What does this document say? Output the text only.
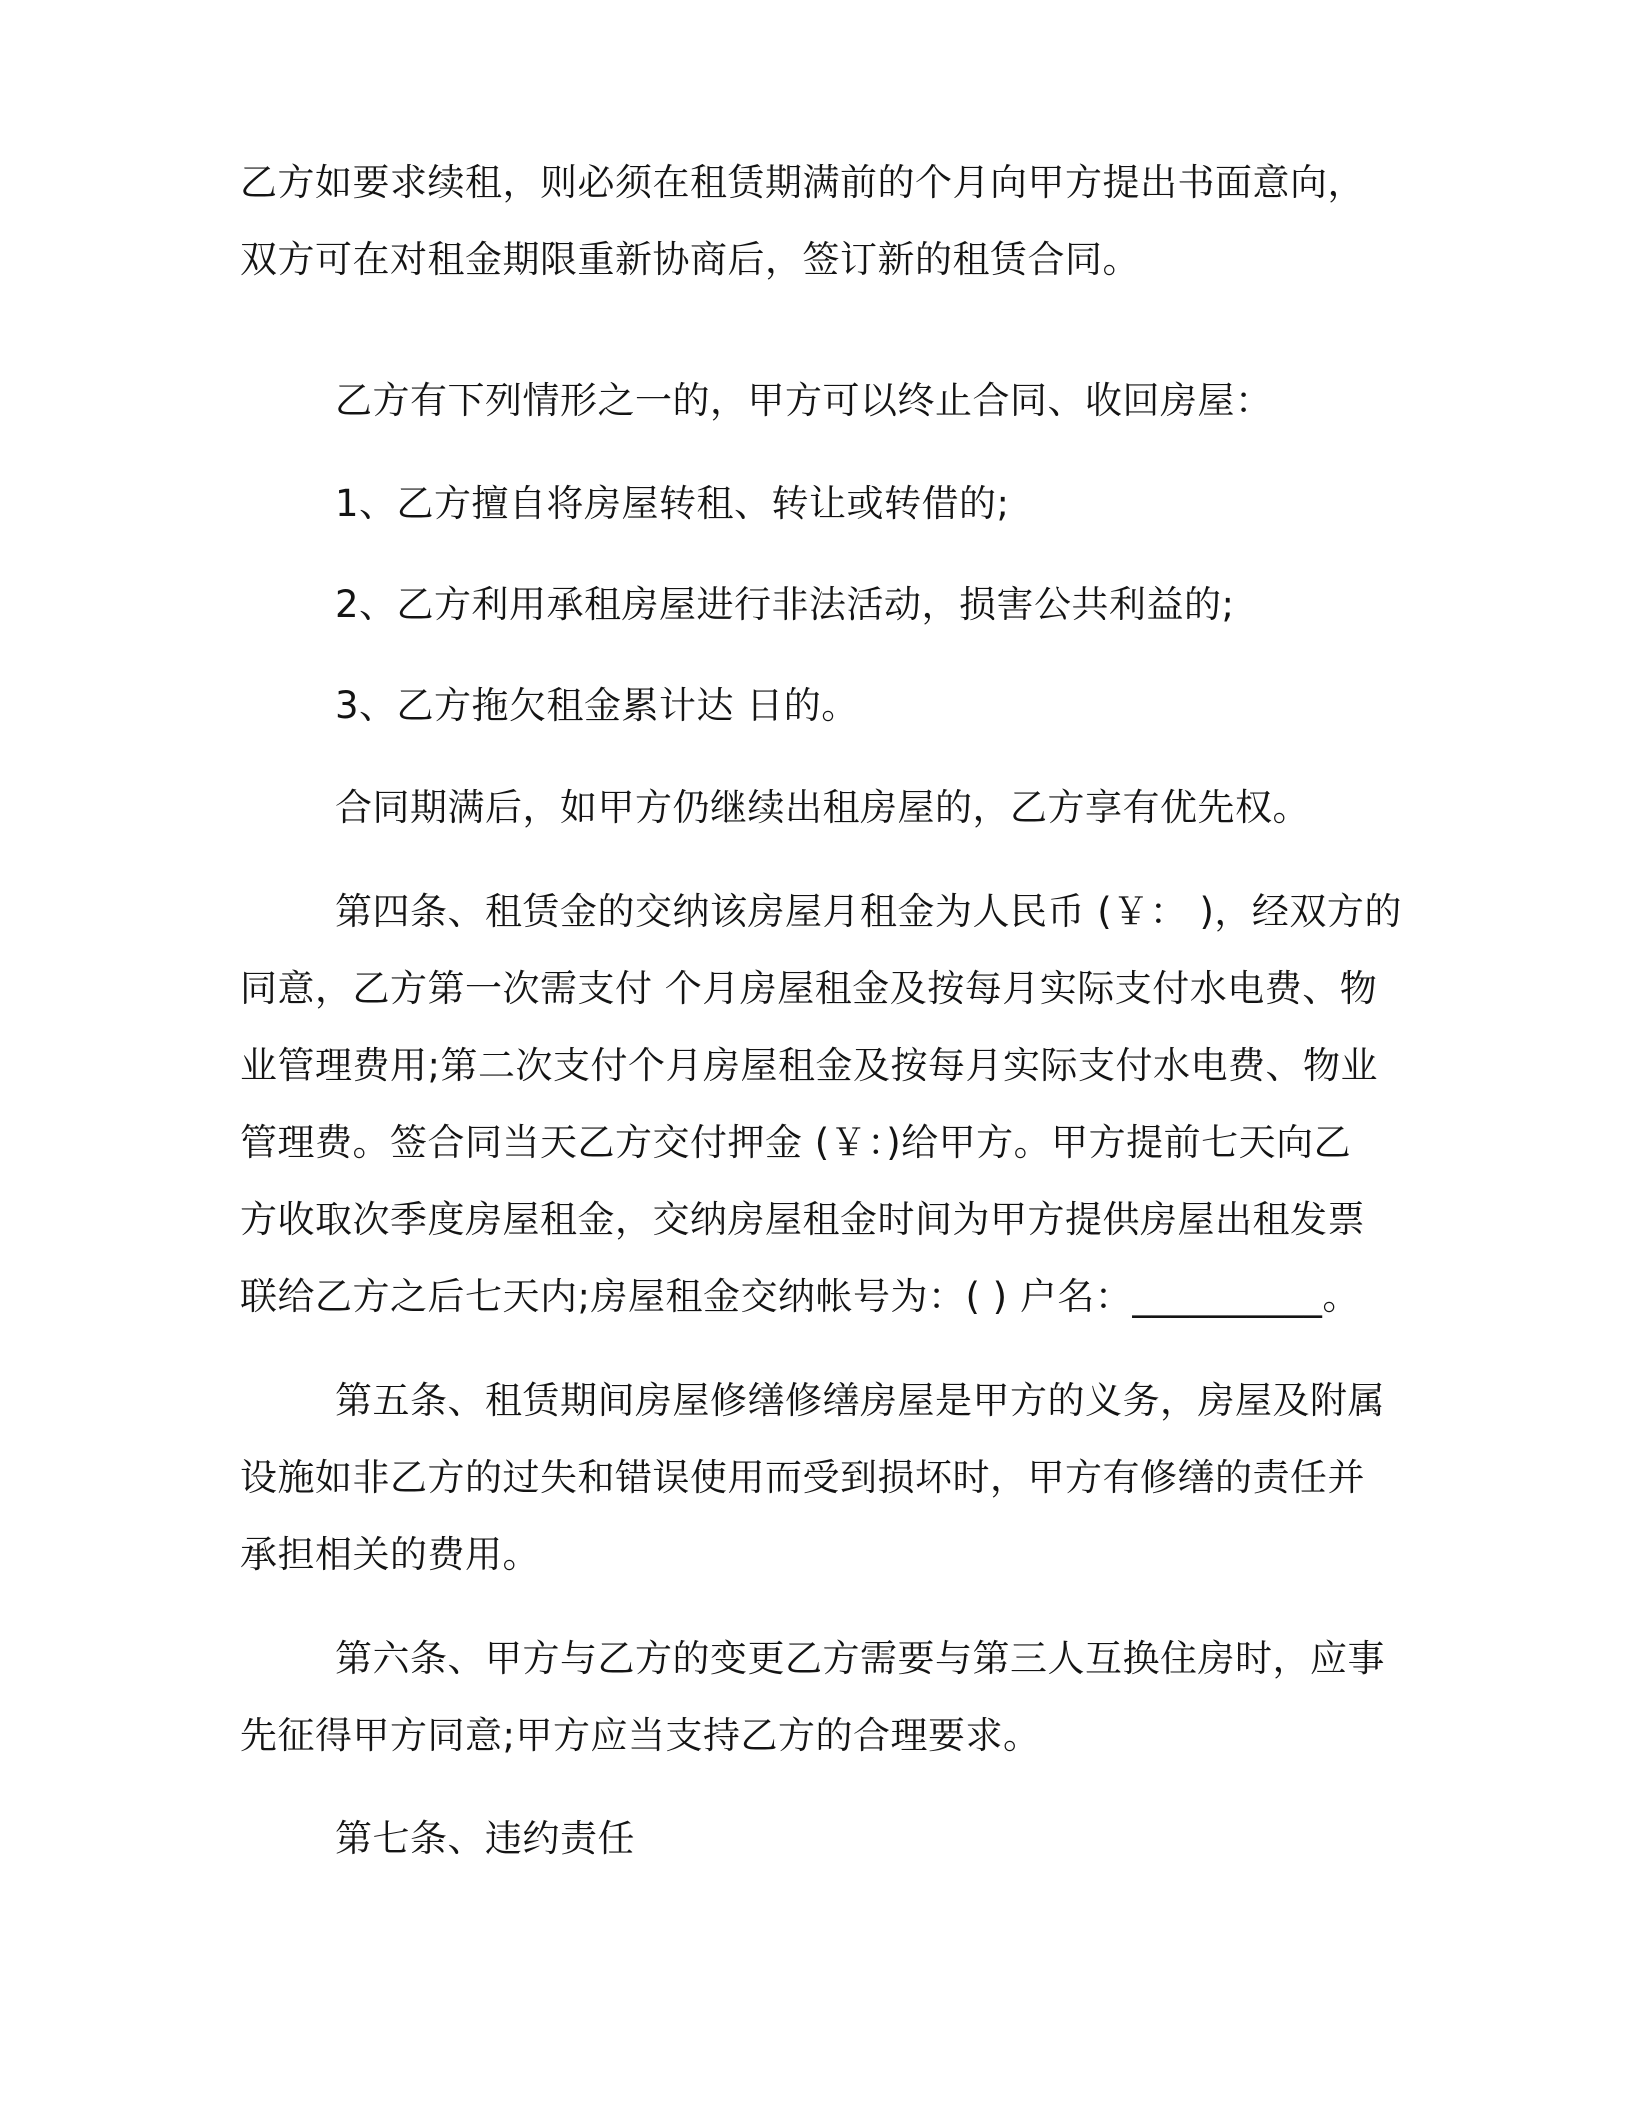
乙方如要求续租，则必须在租赁期满前的个月向甲方提出书面意向，
双方可在对租金期限重新协商后，签订新的租赁合同。

乙方有下列情形之一的，甲方可以终止合同、收回房屋：

1、乙方擅自将房屋转租、转让或转借的;

2、乙方利用承租房屋进行非法活动，损害公共利益的;

3、乙方拖欠租金累计达 日的。

合同期满后，如甲方仍继续出租房屋的，乙方享有优先权。

第四条、租赁金的交纳该房屋月租金为人民币 (￥： )，经双方的
同意，乙方第一次需支付 个月房屋租金及按每月实际支付水电费、物
业管理费用;第二次支付个月房屋租金及按每月实际支付水电费、物业
管理费。签合同当天乙方交付押金 (￥：)给甲方。甲方提前七天向乙
方收取次季度房屋租金，交纳房屋租金时间为甲方提供房屋出租发票
联给乙方之后七天内;房屋租金交纳帐号为：( ) 户名：__________。

第五条、租赁期间房屋修缮修缮房屋是甲方的义务，房屋及附属
设施如非乙方的过失和错误使用而受到损坏时，甲方有修缮的责任并
承担相关的费用。

第六条、甲方与乙方的变更乙方需要与第三人互换住房时，应事
先征得甲方同意;甲方应当支持乙方的合理要求。

第七条、违约责任
